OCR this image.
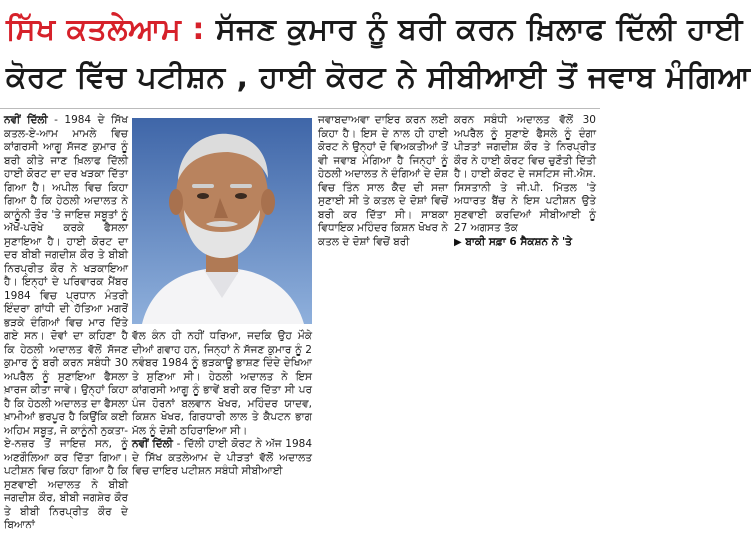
ਸਿੱਖ ਕਤਲੇਆਮ : ਸੱਜਣ ਕੁਮਾਰ ਨੂੰ ਬਰੀ ਕਰਨ ਖ਼ਿਲਾਫ ਦਿੱਲੀ ਹਾਈ
ਕੋਰਟ ਵਿੱਚ ਪਟੀਸ਼ਨ , ਹਾਈ ਕੋਰਟ ਨੇ ਸੀਬੀਆਈ ਤੋਂ ਜਵਾਬ ਮੰਗਿਆ

ਨਵੀਂ ਦਿੱਲੀ - 1984 ਦੇ ਸਿੱਖ ਕਤਲ-ਏ-ਆਮ ਮਾਮਲੇ ਵਿਚ ਕਾਂਗਰਸੀ ਆਗੂ ਸੱਜਣ ਕੁਮਾਰ ਨੂੰ ਬਰੀ ਕੀਤੇ ਜਾਣ ਖ਼ਿਲਾਫ ਦਿੱਲੀ ਹਾਈ ਕੋਰਟ ਦਾ ਦਰ ਖੜਕਾ ਦਿੱਤਾ ਗਿਆ ਹੈ। ਅਪੀਲ ਵਿਚ ਕਿਹਾ ਗਿਆ ਹੈ ਕਿ ਹੇਠਲੀ ਅਦਾਲਤ ਨੇ ਕਾਨੂੰਨੀ ਤੌਰ 'ਤੇ ਜਾਇਜ਼ ਸਬੂਤਾਂ ਨੂੰ ਅੱਖੋਂ-ਪਰੋਖੇ ਕਰਕੇ ਫੈਸਲਾ ਸੁਣਾਇਆ ਹੈ। ਹਾਈ ਕੋਰਟ ਦਾ ਦਰ ਬੀਬੀ ਜਗਦੀਸ਼ ਕੌਰ ਤੇ ਬੀਬੀ ਨਿਰਪ੍ਰੀਤ ਕੌਰ ਨੇ ਖੜਕਾਇਆ ਹੈ। ਇਨ੍ਹਾਂ ਦੇ ਪਰਿਵਾਰਕ ਮੈਂਬਰ 1984 ਵਿਚ ਪ੍ਰਧਾਨ ਮੰਤਰੀ ਇੰਦਰਾ ਗਾਂਧੀ ਦੀ ਹੱਤਿਆ ਮਗਰੋਂ ਭੜਕੇ ਦੰਗਿਆਂ ਵਿਚ ਮਾਰ ਦਿੱਤੇ ਗਏ ਸਨ। ਦੋਵਾਂ ਦਾ ਕਹਿਣਾ ਹੈ ਕਿ ਹੇਠਲੀ ਅਦਾਲਤ ਵੱਲੋਂ ਸੱਜਣ ਕੁਮਾਰ ਨੂੰ ਬਰੀ ਕਰਨ ਸਬੰਧੀ 30 ਅਪਰੈਲ ਨੂੰ ਸੁਣਾਇਆ ਫੈਸਲਾ ਖ਼ਾਰਜ ਕੀਤਾ ਜਾਵੇ। ਉਨ੍ਹਾਂ ਕਿਹਾ ਹੈ ਕਿ ਹੇਠਲੀ ਅਦਾਲਤ ਦਾ ਫੈਸਲਾ ਖ਼ਾਮੀਆਂ ਭਰਪੂਰ ਹੈ ਕਿਉਂਕਿ ਕਈ ਅਹਿਮ ਸਬੂਤ, ਜੋ ਕਾਨੂੰਨੀ ਨੁਕਤਾ-ਏ-ਨਜ਼ਰ ਤੋਂ ਜਾਇਜ਼ ਸਨ, ਨੂੰ ਅਣਗੌਲਿਆ ਕਰ ਦਿੱਤਾ ਗਿਆ। ਪਟੀਸ਼ਨ ਵਿਚ ਕਿਹਾ ਗਿਆ ਹੈ ਕਿ ਸੁਣਵਾਈ ਅਦਾਲਤ ਨੇ ਬੀਬੀ ਜਗਦੀਸ਼ ਕੌਰ, ਬੀਬੀ ਜਗਸ਼ੇਰ ਕੌਰ ਤੇ ਬੀਬੀ ਨਿਰਪ੍ਰੀਤ ਕੌਰ ਦੇ ਬਿਆਨਾਂ

ਵੱਲ ਕੰਨ ਹੀ ਨਹੀਂ ਧਰਿਆ, ਜਦਕਿ ਉਹ ਮੌਕੇ ਦੀਆਂ ਗਵਾਹ ਹਨ, ਜਿਨ੍ਹਾਂ ਨੇ ਸੱਜਣ ਕੁਮਾਰ ਨੂੰ 2 ਨਵੰਬਰ 1984 ਨੂੰ ਭੜਕਾਊ ਭਾਸ਼ਣ ਦਿੰਦੇ ਦੇਖਿਆ ਤੇ ਸੁਣਿਆ ਸੀ। ਹੇਠਲੀ ਅਦਾਲਤ ਨੇ ਇਸ ਕਾਂਗਰਸੀ ਆਗੂ ਨੂੰ ਭਾਵੇਂ ਬਰੀ ਕਰ ਦਿੱਤਾ ਸੀ ਪਰ ਪੰਜ ਹੋਰਨਾਂ ਬਲਵਾਨ ਖੋਖਰ, ਮਹਿੰਦਰ ਯਾਦਵ, ਕਿਸ਼ਨ ਖੋਖਰ, ਗਿਰਧਾਰੀ ਲਾਲ ਤੇ ਕੈਪਟਨ ਭਾਗ ਮੱਲ ਨੂੰ ਦੋਸ਼ੀ ਠਹਿਰਾਇਆ ਸੀ।

ਨਵੀਂ ਦਿੱਲੀ - ਦਿੱਲੀ ਹਾਈ ਕੋਰਟ ਨੇ ਅੱਜ 1984 ਦੇ ਸਿੱਖ ਕਤਲੇਆਮ ਦੇ ਪੀੜਤਾਂ ਵੱਲੋਂ ਅਦਾਲਤ ਵਿਚ ਦਾਇਰ ਪਟੀਸ਼ਨ ਸਬੰਧੀ ਸੀਬੀਆਈ

ਜਵਾਬਦਾਅਵਾ ਦਾਇਰ ਕਰਨ ਲਈ ਕਿਹਾ ਹੈ। ਇਸ ਦੇ ਨਾਲ ਹੀ ਹਾਈ ਕੋਰਟ ਨੇ ਉਨ੍ਹਾਂ ਦੋ ਵਿਅਕਤੀਆਂ ਤੋਂ ਵੀ ਜਵਾਬ ਮੰਗਿਆ ਹੈ ਜਿਨ੍ਹਾਂ ਨੂੰ ਹੇਠਲੀ ਅਦਾਲਤ ਨੇ ਦੰਗਿਆਂ ਦੇ ਦੋਸ਼ ਵਿਚ ਤਿੰਨ ਸਾਲ ਕੈਦ ਦੀ ਸਜ਼ਾ ਸੁਣਾਈ ਸੀ ਤੇ ਕਤਲ ਦੇ ਦੋਸ਼ਾਂ ਵਿਚੋਂ ਬਰੀ ਕਰ ਦਿੱਤਾ ਸੀ। ਸਾਬਕਾ ਵਿਧਾਇਕ ਮਹਿੰਦਰ ਕਿਸ਼ਨ ਖੋਖਰ ਨੇ ਕਤਲ ਦੇ ਦੋਸ਼ਾਂ ਵਿਚੋਂ ਬਰੀ

ਕਰਨ ਸਬੰਧੀ ਅਦਾਲਤ ਵੱਲੋਂ 30 ਅਪਰੈਲ ਨੂੰ ਸੁਣਾਏ ਫੈਸਲੇ ਨੂੰ ਦੰਗਾ ਪੀੜਤਾਂ ਜਗਦੀਸ਼ ਕੌਰ ਤੇ ਨਿਰਪ੍ਰੀਤ ਕੌਰ ਨੇ ਹਾਈ ਕੋਰਟ ਵਿਚ ਚੁਣੌਤੀ ਦਿੱਤੀ ਹੈ। ਹਾਈ ਕੋਰਟ ਦੇ ਜਸਟਿਸ ਜੀ.ਐਸ. ਸਿਸਤਾਨੀ ਤੇ ਜੀ.ਪੀ. ਮਿੱਤਲ 'ਤੇ ਅਧਾਰਤ ਬੈਂਚ ਨੇ ਇਸ ਪਟੀਸ਼ਨ ਉਤੇ ਸੁਣਵਾਈ ਕਰਦਿਆਂ ਸੀਬੀਆਈ ਨੂੰ 27 ਅਗਸਤ ਤੱਕ

▶ ਬਾਕੀ ਸਫ਼ਾ 6 ਸੈਕਸ਼ਨ ਨੇ 'ਤੇ
